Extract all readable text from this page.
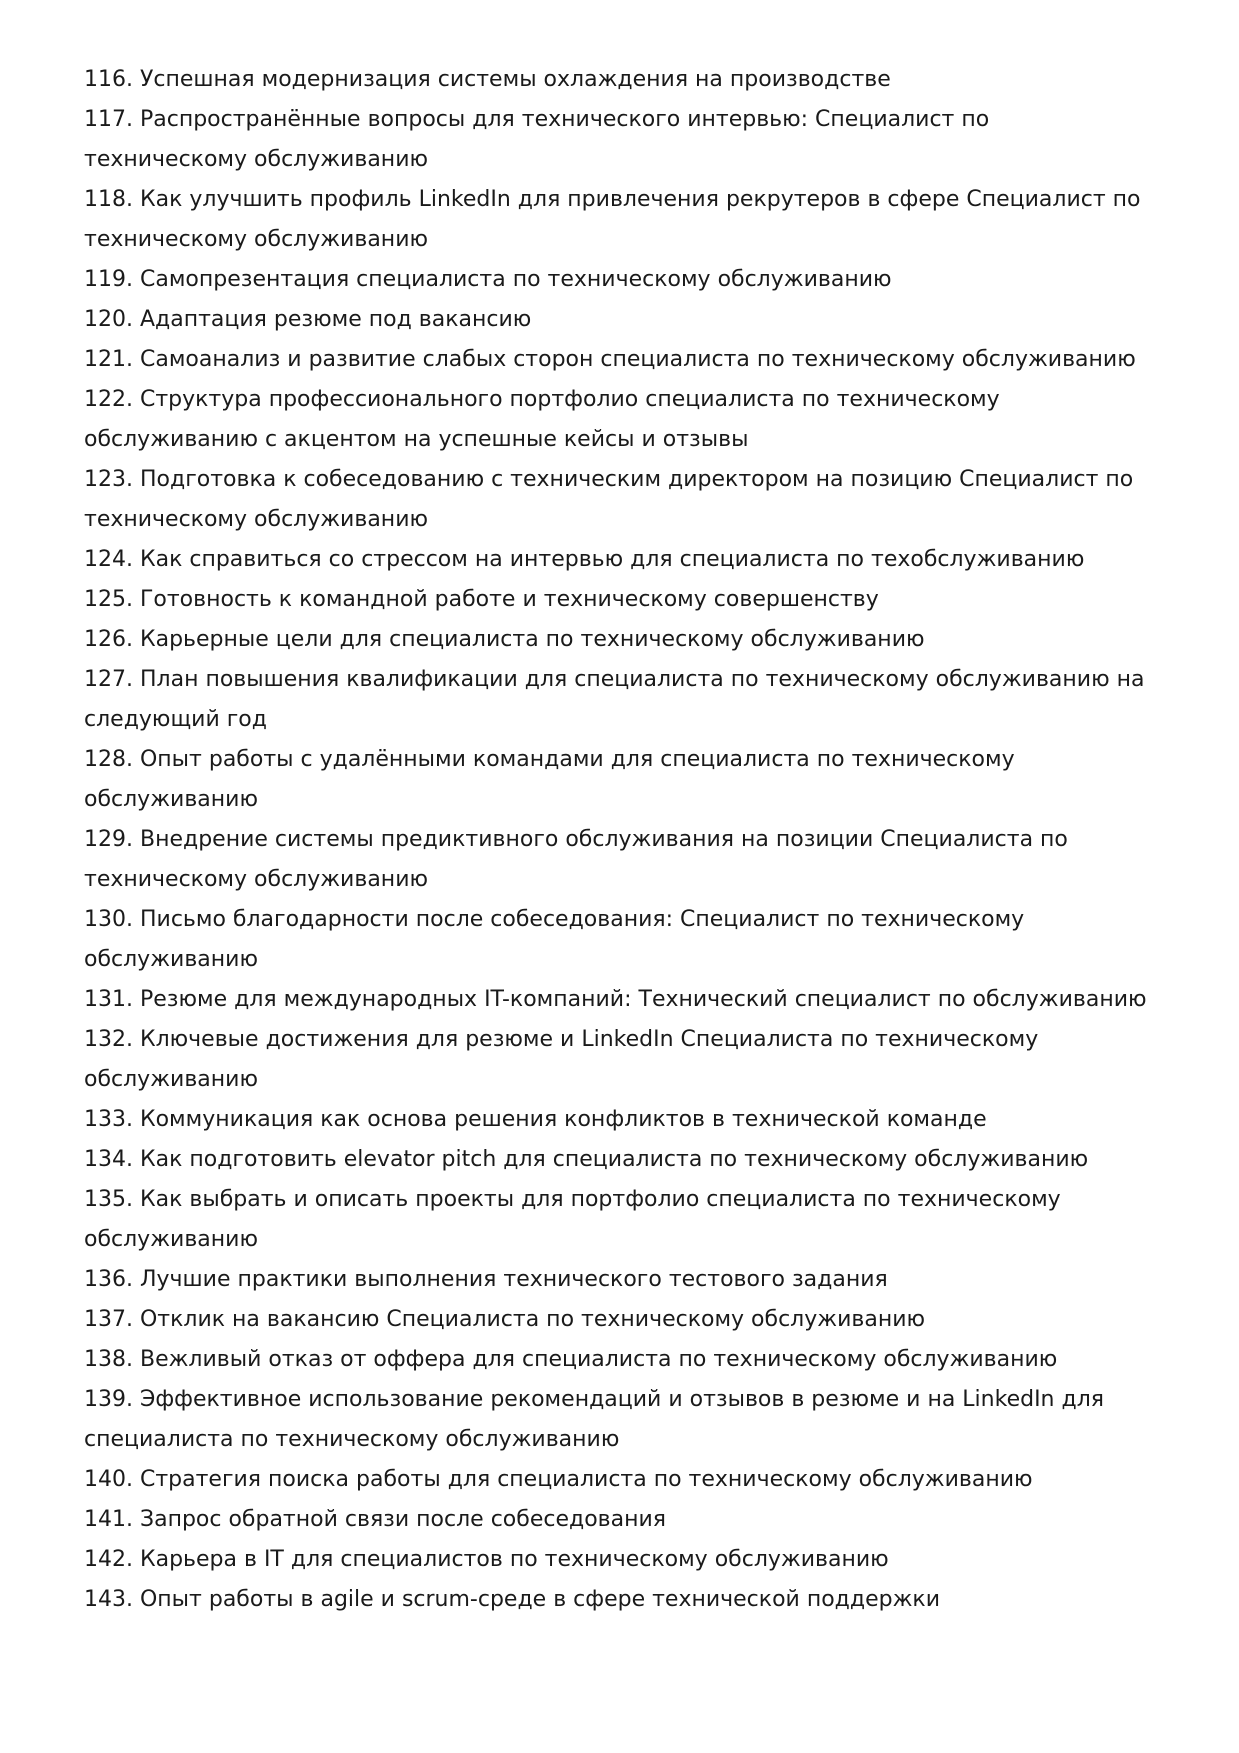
116. Успешная модернизация системы охлаждения на производстве
117. Распространённые вопросы для технического интервью: Специалист по техническому обслуживанию
118. Как улучшить профиль LinkedIn для привлечения рекрутеров в сфере Специалист по техническому обслуживанию
119. Самопрезентация специалиста по техническому обслуживанию
120. Адаптация резюме под вакансию
121. Самоанализ и развитие слабых сторон специалиста по техническому обслуживанию
122. Структура профессионального портфолио специалиста по техническому обслуживанию с акцентом на успешные кейсы и отзывы
123. Подготовка к собеседованию с техническим директором на позицию Специалист по техническому обслуживанию
124. Как справиться со стрессом на интервью для специалиста по техобслуживанию
125. Готовность к командной работе и техническому совершенству
126. Карьерные цели для специалиста по техническому обслуживанию
127. План повышения квалификации для специалиста по техническому обслуживанию на следующий год
128. Опыт работы с удалёнными командами для специалиста по техническому обслуживанию
129. Внедрение системы предиктивного обслуживания на позиции Специалиста по техническому обслуживанию
130. Письмо благодарности после собеседования: Специалист по техническому обслуживанию
131. Резюме для международных IT-компаний: Технический специалист по обслуживанию
132. Ключевые достижения для резюме и LinkedIn Специалиста по техническому обслуживанию
133. Коммуникация как основа решения конфликтов в технической команде
134. Как подготовить elevator pitch для специалиста по техническому обслуживанию
135. Как выбрать и описать проекты для портфолио специалиста по техническому обслуживанию
136. Лучшие практики выполнения технического тестового задания
137. Отклик на вакансию Специалиста по техническому обслуживанию
138. Вежливый отказ от оффера для специалиста по техническому обслуживанию
139. Эффективное использование рекомендаций и отзывов в резюме и на LinkedIn для специалиста по техническому обслуживанию
140. Стратегия поиска работы для специалиста по техническому обслуживанию
141. Запрос обратной связи после собеседования
142. Карьера в IT для специалистов по техническому обслуживанию
143. Опыт работы в agile и scrum-среде в сфере технической поддержки
